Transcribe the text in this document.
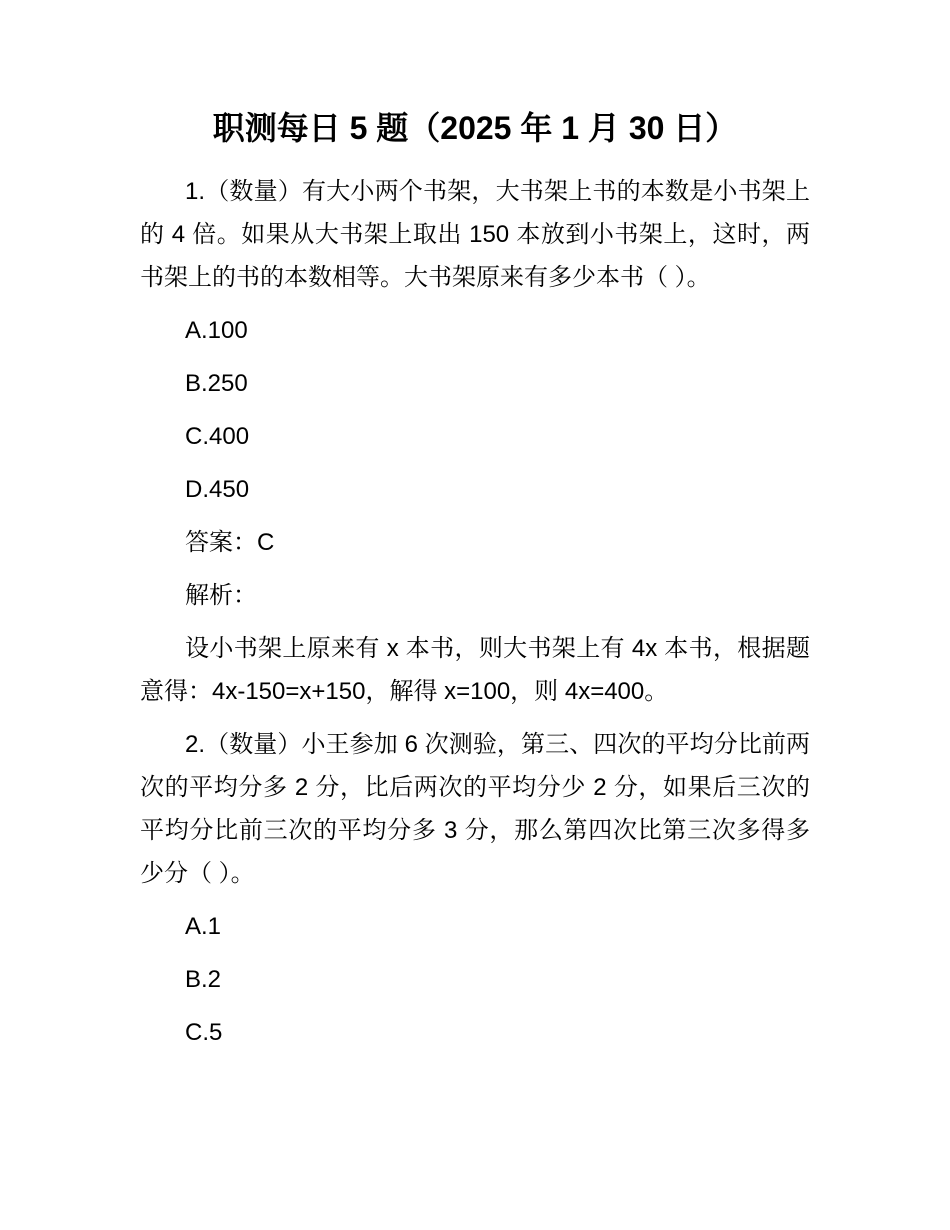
职测每日 5 题（2025 年 1 月 30 日）

1.（数量）有大小两个书架，大书架上书的本数是小书架上的 4 倍。如果从大书架上取出 150 本放到小书架上，这时，两书架上的书的本数相等。大书架原来有多少本书（ ）。

A.100

B.250

C.400

D.450

答案：C

解析：

设小书架上原来有 x 本书，则大书架上有 4x 本书，根据题意得：4x-150=x+150，解得 x=100，则 4x=400。

2.（数量）小王参加 6 次测验，第三、四次的平均分比前两次的平均分多 2 分，比后两次的平均分少 2 分，如果后三次的平均分比前三次的平均分多 3 分，那么第四次比第三次多得多少分（ ）。

A.1

B.2

C.5
